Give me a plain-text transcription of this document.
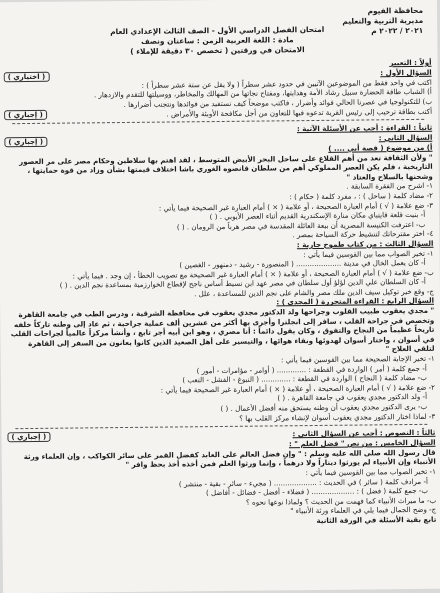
محافظة الفيوم
مديرية التربية والتعليم
٢٠٢١ / ٢٠٢٢ م
امتحان الفصل الدراسي الأول - الصف الثالث الإعدادي العام
مادة : اللغة العربية الزمن : ساعتان ونصف
الامتحان في ورقتين ( تخصص ٣٠ دقيقة للإملاء )
أولاً : التعبير
السؤال الأول :
( اختياري )
اكتب في واحد فقط من الموضوعين الآتيين في حدود عشر سطراً ( ولا يقل عن ستة عشر سطراً ) :
أ) الشباب طاقة الحضارة سبيل رشاد الأمة وهدايتها، ومفتاح نجاتها من المهالك والمخاطر، ووسيلتها للتقدم والازدهار .
ب) للتكنولوجيا في عصرنا الحالي فوائد وأضرار ، فاكتب موضحاً كيف نستفيد من فوائدها ونتجنب أضرارها .
أكتب بطاقة ترحيب إلى رئيس القرية تدعوه فيها للتعاون من أجل مكافحة الأوبئة والأمراض .
( إجباري )
ثانياً : القراءة : أجب عن الأسئلة الآتية :
السؤال الثاني :
( إجباري )
أ) من موضوع ( قصة أبي .... )
" ولأن الثقافة تعد من أهم القلاع على ساحل البحر الأبيض المتوسط ، لقد اهتم بها سلاطين وحكام مصر على مر العصور التاريخية ، فلم يكن العصر المملوكي أهم من سلطان قانصوه الغوري باشا اختلاف قيمتها بشأن وزاد من قوة حمايتها ، وشحنها بالسلاح والعتاد "
١- اشرح من الفقرة السابقة .
٢- مضاد كلمة ( ساحل ) : ، مفرد كلمة ( حكام ) :
٣- ضع علامة ( √ ) أمام العبارة الصحيحة ، أو علامة ( × ) أمام العبارة غير الصحيحة فيما يأتي :
أ- بنيت قلعة قايتباي مكان منارة الإسكندرية القديم أثناء العصر الأيوبي . ( )
ب- اعترفت الكنيسة المصرية أن بيعة العائلة المقدسة في مصر هرباً من الرومان . ( )
٤- اختر مقترحاتك لتنشيط حركة السياحة بمصر .
السؤال الثالث : من كتاب طموح جارية :
١- تخير الصواب مما بين القوسين فيما يأتي :
أ- كان يعمل الخال في مدينة .................... ( المنصورة - رشيد - دمنهور - الغصين )
ب- ضع علامة ( √ ) أمام العبارة الصحيحة ، أو علامة ( × ) أمام العبارة غير الصحيحة مع تصويب الخطأ ، إن وجد . فيما يأتي :
أ- كان السلطان علي الدين لؤلؤ أول سلطان في مصر عهد ابن نسيط أساس ناجح لإقطاع الخوارزمية بمساعدة نجم الدين . ( )
ج- وقع خير توكيل سيف الدين ملك مصر والشام على نجم الدين للمساعدة ، علل .
السؤال الرابع : القراءة المتحررة ( المجدي ) :
" مجدي يعقوب طبيب القلوب وجراحها ولد الدكتور مجدي يعقوب في محافظة الشرقية ، ودرس الطب في جامعة القاهرة وتخصص في جراحة القلب ، سافر إلى انجلترا وأجرى بها أكثر من عشرين ألف عملية جراحية ، ثم عاد إلى وطنه تاركاً خلفه تاريخاً عظيماً من النجاح والتفوق ، وكان يقول دائماً : أنا مصري ، وهو ابن أبيه أجر تابع ، وأنشأ مركزاً عالمياً لجراحات القلب في أسوان ، واختار أسوان لهدوئها ونقاء هوائها ، والتيسير على أهل الصعيد الذين كانوا يعانون من السفر إلى القاهرة لتلقي العلاج "
١- تخير الإجابة الصحيحة مما بين القوسين فيما يأتي :
أ- جمع كلمة ( أمر ) الواردة في القطعة : ............. ( أوامر - مؤامرات - أمور )
ب- مضاد كلمة ( النجاح ) الواردة في القطعة : ............. ( النبوغ - الفشل - التعب )
٢- ضع علامة ( √ ) أمام العبارة الصحيحة ، أو علامة ( × ) أمام العبارة غير الصحيحة فيما يأتي :
أ- ولد الدكتور مجدي يعقوب في جامعة القاهرة . ( )
ب- يرى الدكتور مجدي يعقوب أن وطنه يستحق منه أفضل الأعمال . ( )
٣- لماذا اختار الدكتور مجدي يعقوب أسوان لإنشاء مركز القلب بها ؟
ثالثاً : النصوص : أجب عن السؤال الثاني :
( إجباري )
السؤال الخامس : من نص " فضل العلم " :
قال رسول الله صلى الله عليه وسلم : " وإن فضل العالم على العابد كفضل القمر على سائر الكواكب ، وإن العلماء ورثة الأنبياء وإن الأنبياء لم يورثوا ديناراً ولا درهماً ، وإنما ورثوا العلم فمن أخذه أخذ بحظ وافر "
١- تخير الصواب مما بين القوسين فيما يأتي :
أ- مرادف كلمة ( سائر ) في الحديث : ................... ( مجيء - سائر - بقية - منتشر )
ب- جمع كلمة ( فضل ) : ................... ( فضلاء - أفضل - فضائل - أفاضل )
ب- ما ميراث الأنبياء كما فهمت من الحديث ؟ ولماذا نوعها نحوه ؟
ج- وضح الجمال فيما يلي في العلماء ورثة الأنبياء "
تابع بقية الأسئلة في الورقة الثانية
